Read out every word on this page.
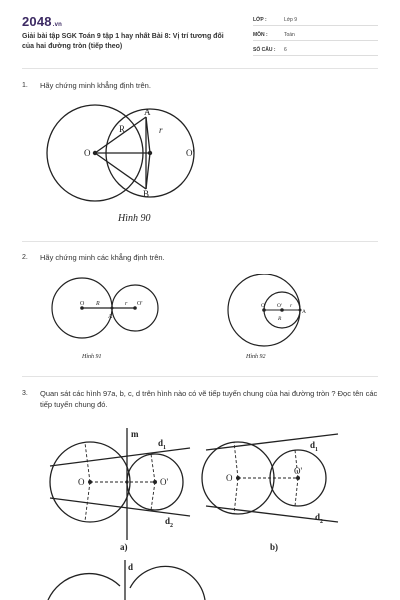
2048.vn
Giải bài tập SGK Toán 9 tập 1 hay nhất Bài 8: Vị trí tương đối của hai đường tròn (tiếp theo)
LỚP :	Lớp 9
MÔN :	Toán
SỐ CÂU : 6
1. Hãy chứng minh khẳng định trên.
O	O'
A
B
R	r
Hình 90
2. Hãy chứng minh các khẳng định trên.
O R	r O'
A
Hình 91
O O' r
A
R
Hình 92
3. Quan sát các hình 97a, b, c, d trên hình nào có vẽ tiếp tuyến chung của hai đường tròn ? Đọc tên các tiếp tuyến chung đó.
m
$d_1$
$d_2$
O	O'
a)
$d_1$
$d_2$
O
O'
b)
d
